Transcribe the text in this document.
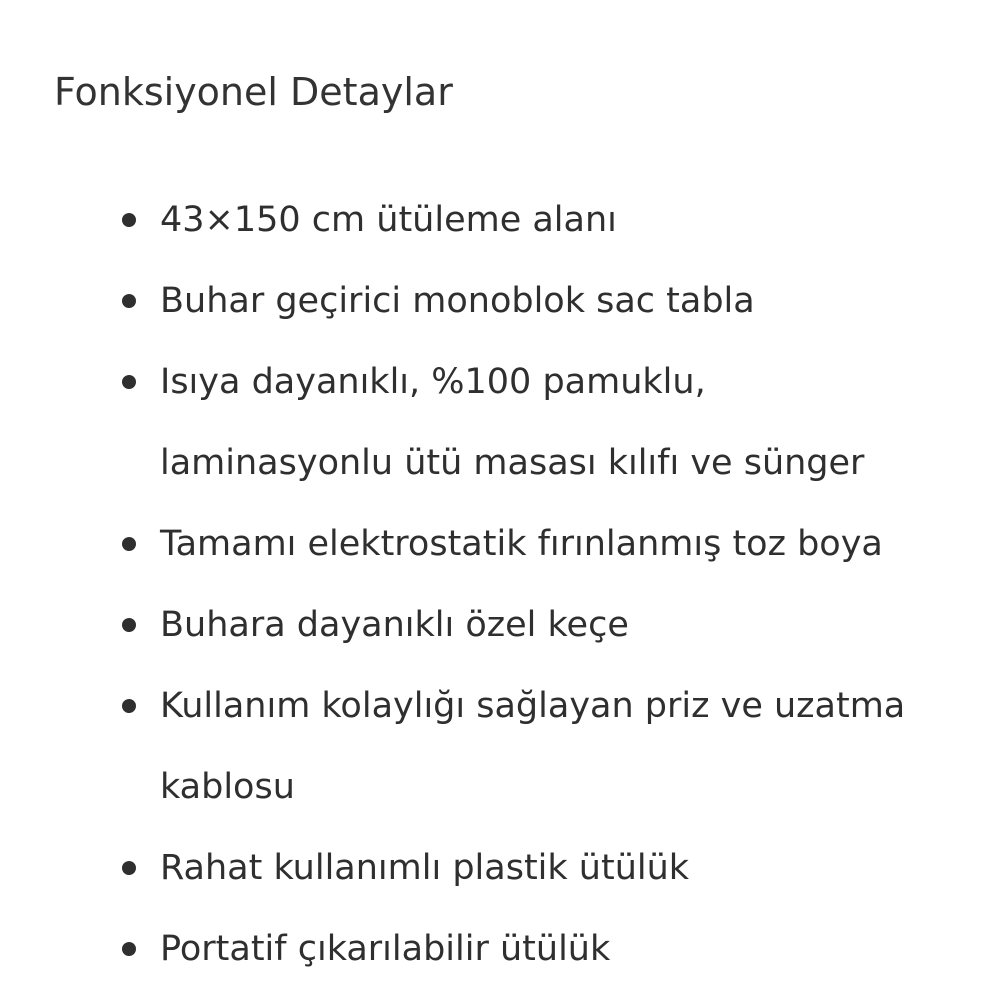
Fonksiyonel Detaylar
43×150 cm ütüleme alanı
Buhar geçirici monoblok sac tabla
Isıya dayanıklı, %100 pamuklu,
laminasyonlu ütü masası kılıfı ve sünger
Tamamı elektrostatik fırınlanmış toz boya
Buhara dayanıklı özel keçe
Kullanım kolaylığı sağlayan priz ve uzatma
kablosu
Rahat kullanımlı plastik ütülük
Portatif çıkarılabilir ütülük
